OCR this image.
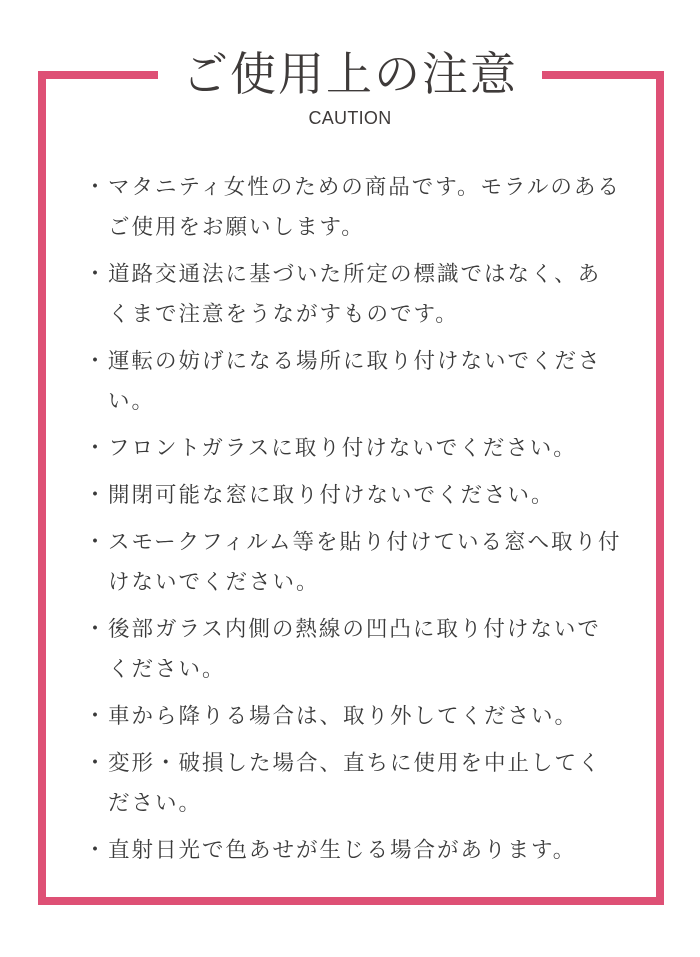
ご使用上の注意
CAUTION
・ マタニティ女性のための商品です。モラルのあるご使用をお願いします。
・ 道路交通法に基づいた所定の標識ではなく、あくまで注意をうながすものです。
・ 運転の妨げになる場所に取り付けないでください。
・ フロントガラスに取り付けないでください。
・ 開閉可能な窓に取り付けないでください。
・ スモークフィルム等を貼り付けている窓へ取り付けないでください。
・ 後部ガラス内側の熱線の凹凸に取り付けないでください。
・ 車から降りる場合は、取り外してください。
・ 変形・破損した場合、直ちに使用を中止してください。
・ 直射日光で色あせが生じる場合があります。
